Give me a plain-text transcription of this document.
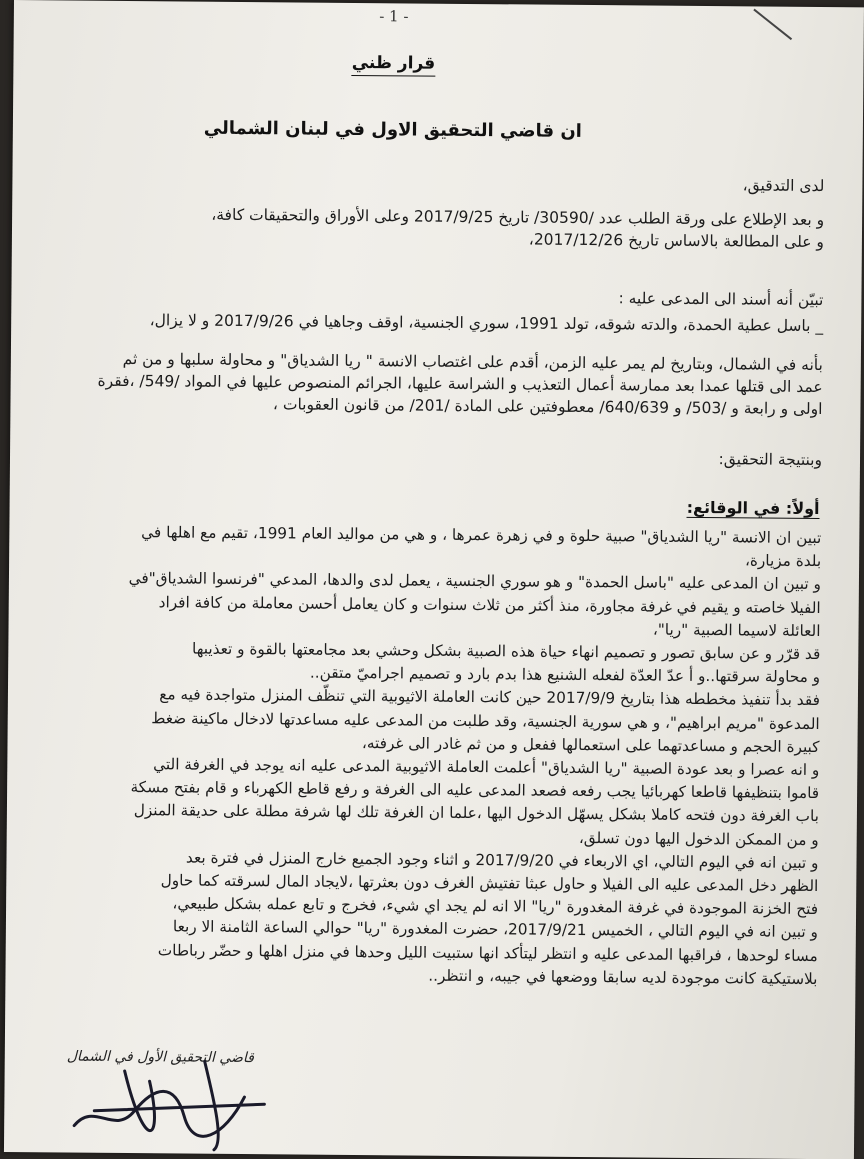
- 1 -
قرار ظني
ان قاضي التحقيق الاول في لبنان الشمالي
لدى التدقيق،
و بعد الإطلاع على ورقة الطلب عدد /30590/ تاريخ 2017/9/25 وعلى الأوراق والتحقيقات كافة،
و على المطالعة بالاساس تاريخ 2017/12/26،
تبيّن أنه أسند الى المدعى عليه :
_ باسل عطية الحمدة، والدته شوقه، تولد 1991، سوري الجنسية، اوقف وجاهيا في 2017/9/26 و لا يزال،
بأنه في الشمال، وبتاريخ لم يمر عليه الزمن، أقدم على اغتصاب الانسة " ريا الشدياق" و محاولة سلبها و من ثم
عمد الى قتلها عمدا بعد ممارسة أعمال التعذيب و الشراسة عليها، الجرائم المنصوص عليها في المواد /549/ ،فقرة
اولى و رابعة و /503/ و 640/639/ معطوفتين على المادة /201/ من قانون العقوبات ،
وبنتيجة التحقيق:
أولاً: في الوقائع:
تبين ان الانسة "ريا الشدياق" صبية حلوة و في زهرة عمرها ، و هي من مواليد العام 1991، تقيم مع اهلها في
بلدة مزيارة،
و تبين ان المدعى عليه "باسل الحمدة" و هو سوري الجنسية ، يعمل لدى والدها، المدعي "فرنسوا الشدياق"في
الفيلا خاصته و يقيم في غرفة مجاورة، منذ أكثر من ثلاث سنوات و كان يعامل أحسن معاملة من كافة افراد
العائلة لاسيما الصبية "ريا"،
قد قرّر و عن سابق تصور و تصميم انهاء حياة هذه الصبية بشكل وحشي بعد مجامعتها بالقوة و تعذيبها
و محاولة سرقتها..و أ عدّ العدّة لفعله الشنيع هذا بدم بارد و تصميم اجراميّ متقن..
فقد بدأ تنفيذ مخططه هذا بتاريخ 2017/9/9 حين كانت العاملة الاثيوبية التي تنظّف المنزل متواجدة فيه مع
المدعوة "مريم ابراهيم"، و هي سورية الجنسية، وقد طلبت من المدعى عليه مساعدتها لادخال ماكينة ضغط
كبيرة الحجم و مساعدتهما على استعمالها ففعل و من ثم غادر الى غرفته،
و انه عصرا و بعد عودة الصبية "ريا الشدياق" أعلمت العاملة الاثيوبية المدعى عليه انه يوجد في الغرفة التي
قاموا بتنظيفها قاطعا كهربائيا يجب رفعه فصعد المدعى عليه الى الغرفة و رفع قاطع الكهرباء و قام بفتح مسكة
باب الغرفة دون فتحه كاملا بشكل يسهّل الدخول اليها ،علما ان الغرفة تلك لها شرفة مطلة على حديقة المنزل
و من الممكن الدخول اليها دون تسلق،
و تبين انه في اليوم التالي، اي الاربعاء في 2017/9/20 و اثناء وجود الجميع خارج المنزل في فترة بعد
الظهر دخل المدعى عليه الى الفيلا و حاول عبثا تفتيش الغرف دون بعثرتها ،لايجاد المال لسرقته كما حاول
فتح الخزنة الموجودة في غرفة المغدورة "ريا" الا انه لم يجد اي شيء، فخرج و تابع عمله بشكل طبيعي،
و تبين انه في اليوم التالي ، الخميس 2017/9/21، حضرت المغدورة "ريا" حوالي الساعة الثامنة الا ربعا
مساء لوحدها ، فراقبها المدعى عليه و انتظر ليتأكد انها ستبيت الليل وحدها في منزل اهلها و حضّر رباطات
بلاستيكية كانت موجودة لديه سابقا ووضعها في جيبه، و انتظر..
قاضي التحقيق الأول في الشمال
